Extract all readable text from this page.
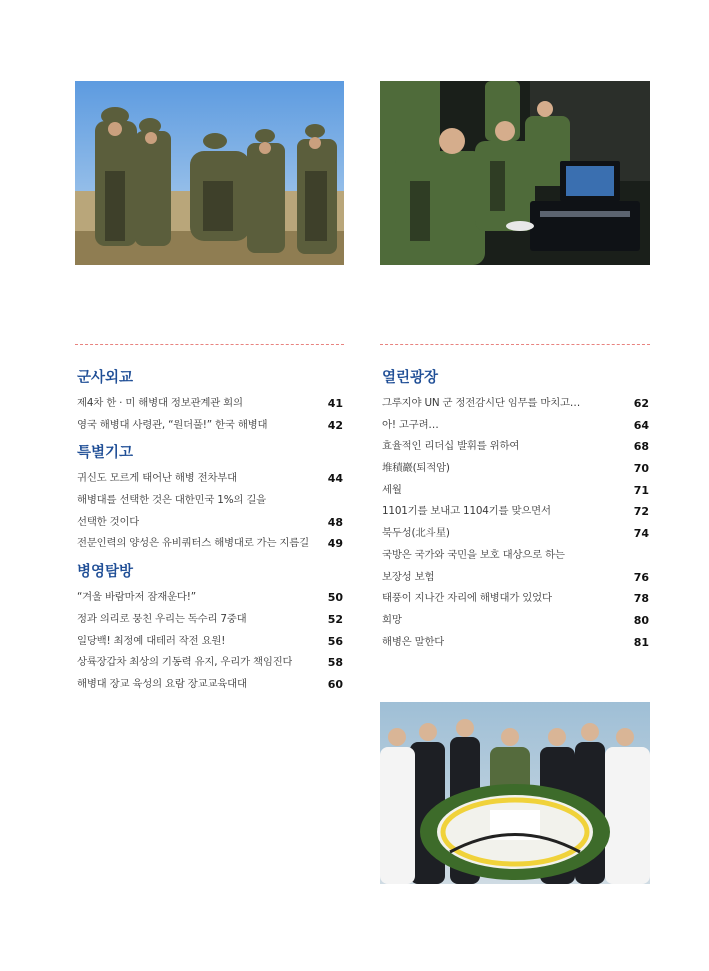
군사외교
제4차 한 · 미 해병대 정보관계관 회의	41
영국 해병대 사령관, “원더풀!” 한국 해병대	42
특별기고
귀신도 모르게 태어난 해병 전차부대	44
해병대를 선택한 것은 대한민국 1%의 길을
선택한 것이다	48
전문인력의 양성은 유비쿼터스 해병대로 가는 지름길 49
병영탐방
“겨울 바람마저 잠재운다!”	50
정과 의리로 뭉친 우리는 독수리 7중대	52
일당백! 최정예 대테러 작전 요원!	56
상륙장갑차 최상의 기동력 유지, 우리가 책임진다	58
해병대 장교 육성의 요람 장교교육대대	60
열린광장
그루지야 UN 군 정전감시단 임무를 마치고…	62
아! 고구려…	64
효율적인 리더십 발휘를 위하여	68
堆積巖(퇴적암)	70
세월	71
1101기를 보내고 1104기를 맞으면서	72
북두성(北斗星)	74
국방은 국가와 국민을 보호 대상으로 하는
보장성 보험	76
태풍이 지나간 자리에 해병대가 있었다	78
희망	80
해병은 말한다	81
